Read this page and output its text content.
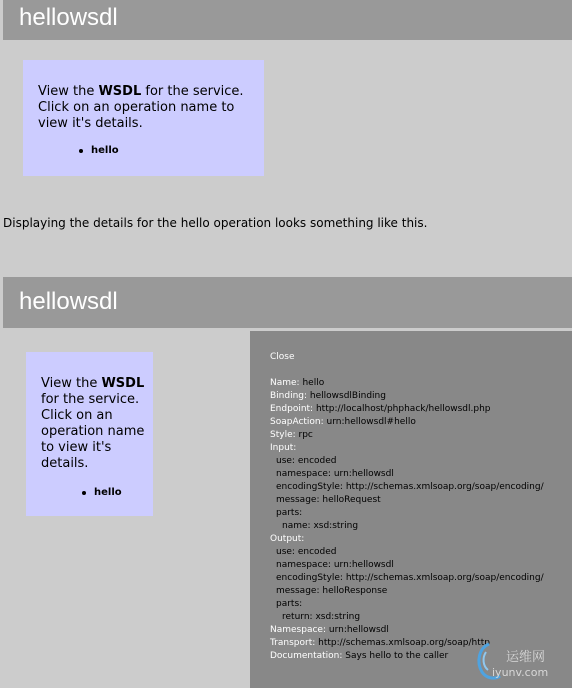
hellowsdl
View the WSDL for the service.
Click on an operation name to view it's details.
hello
Displaying the details for the hello operation looks something like this.
hellowsdl
View the WSDL for the service.
Click on an operation name to view it's details.
hello
Close
Name: hello
Binding: hellowsdlBinding
Endpoint: http://localhost/phphack/hellowsdl.php
SoapAction: urn:hellowsdl#hello
Style: rpc
Input:
use: encoded
namespace: urn:hellowsdl
encodingStyle: http://schemas.xmlsoap.org/soap/encoding/
message: helloRequest
parts:
name: xsd:string
Output:
use: encoded
namespace: urn:hellowsdl
encodingStyle: http://schemas.xmlsoap.org/soap/encoding/
message: helloResponse
parts:
return: xsd:string
Namespace: urn:hellowsdl
Transport: http://schemas.xmlsoap.org/soap/http
Documentation: Says hello to the caller	运维网
iyunv.com
